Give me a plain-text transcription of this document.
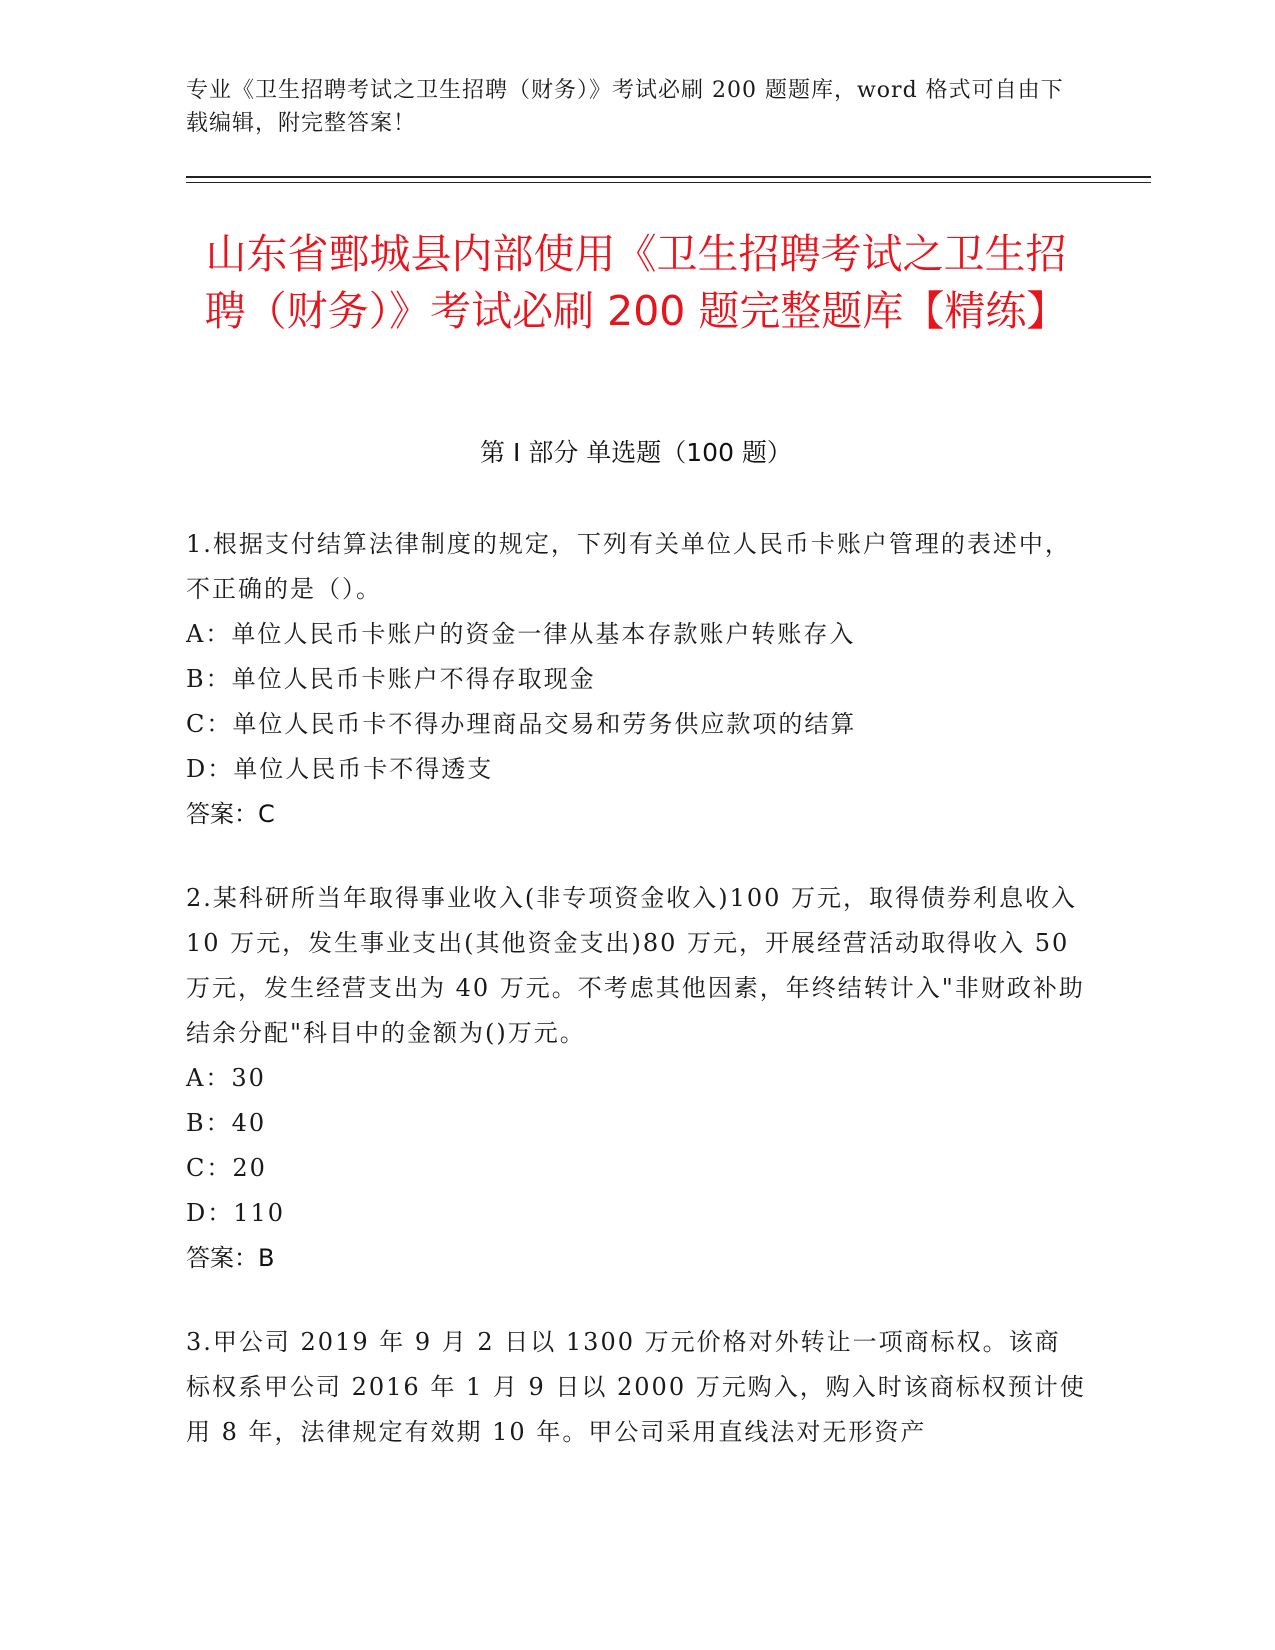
专业《卫生招聘考试之卫生招聘（财务）》考试必刷 200 题题库，word 格式可自由下载编辑，附完整答案！
山东省鄄城县内部使用《卫生招聘考试之卫生招聘（财务）》考试必刷 200 题完整题库【精练】
第 I 部分 单选题（100 题）

1.根据支付结算法律制度的规定，下列有关单位人民币卡账户管理的表述中，不正确的是（）。

A：单位人民币卡账户的资金一律从基本存款账户转账存入

B：单位人民币卡账户不得存取现金

C：单位人民币卡不得办理商品交易和劳务供应款项的结算

D：单位人民币卡不得透支

答案：C

2.某科研所当年取得事业收入(非专项资金收入)100 万元，取得债券利息收入 10 万元，发生事业支出(其他资金支出)80 万元，开展经营活动取得收入 50 万元，发生经营支出为 40 万元。不考虑其他因素，年终结转计入"非财政补助结余分配"科目中的金额为()万元。

A：30

B：40

C：20

D：110

答案：B

3.甲公司 2019 年 9 月 2 日以 1300 万元价格对外转让一项商标权。该商标权系甲公司 2016 年 1 月 9 日以 2000 万元购入，购入时该商标权预计使用 8 年，法律规定有效期 10 年。甲公司采用直线法对无形资产
